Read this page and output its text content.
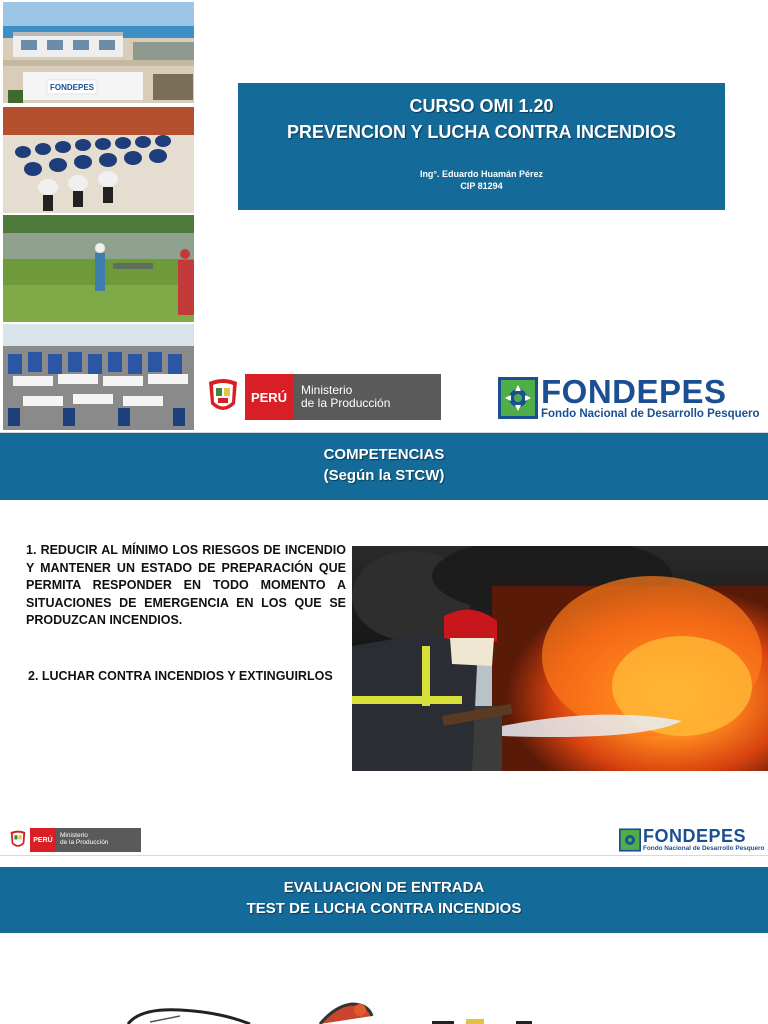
FONDEPES
CURSO OMI 1.20
PREVENCION Y LUCHA CONTRA INCENDIOS
Ing°. Eduardo Huamán Pérez
CIP 81294
PERÚ	Ministerio
de la Producción	FONDEPES
Fondo Nacional de Desarrollo Pesquero
COMPETENCIAS
(Según la STCW)
1. REDUCIR AL MÍNIMO LOS RIESGOS DE INCENDIO Y MANTENER UN ESTADO DE PREPARACIÓN QUE PERMITA RESPONDER EN TODO MOMENTO A SITUACIONES DE EMERGENCIA EN LOS QUE SE PRODUZCAN INCENDIOS.
2. LUCHAR CONTRA INCENDIOS Y EXTINGUIRLOS
PERÚ
Ministerio
de la Producción	FONDEPES
Fondo Nacional de Desarrollo Pesquero
EVALUACION DE ENTRADA
TEST DE LUCHA CONTRA INCENDIOS
